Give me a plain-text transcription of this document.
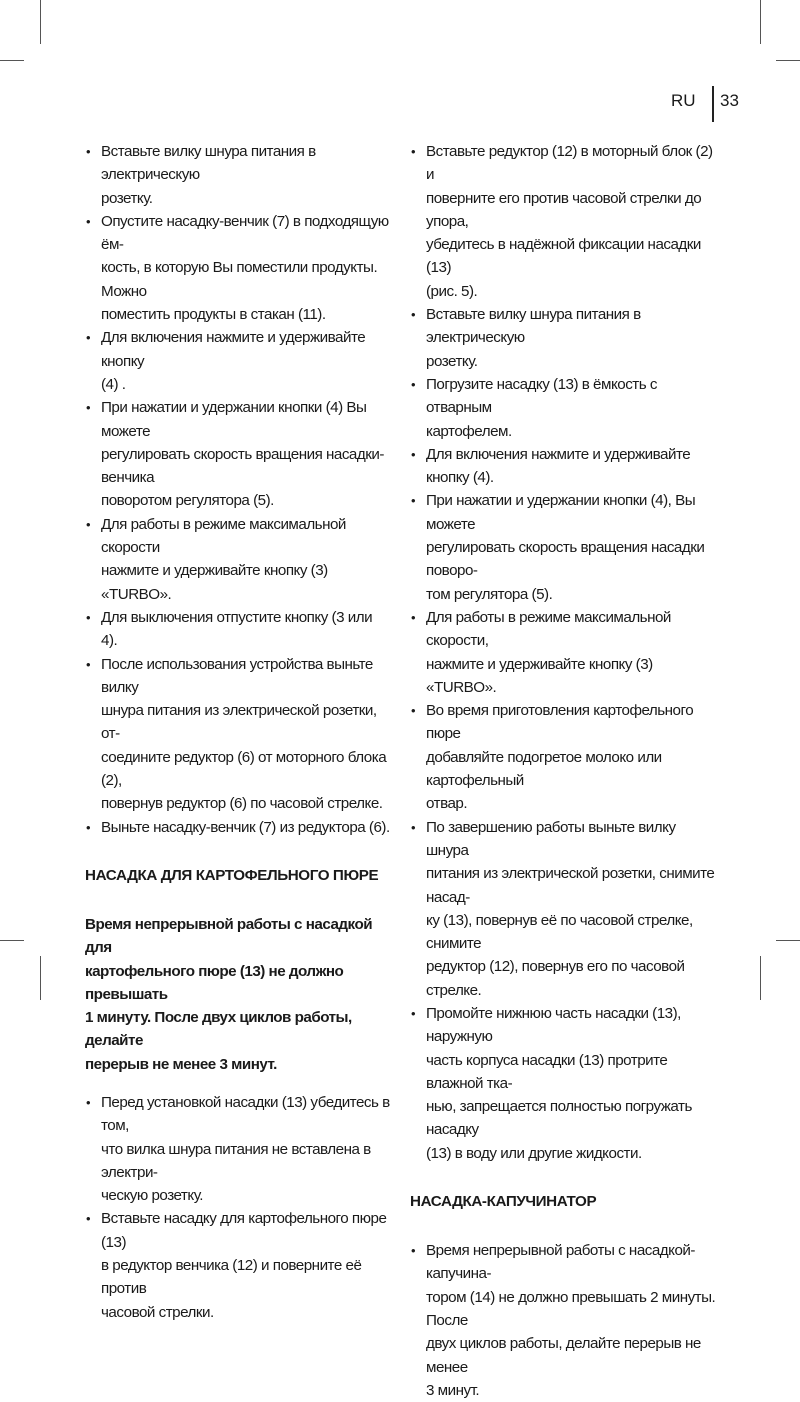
RU 33
• Вставьте вилку шнура питания в электрическую
розетку.
• Опустите насадку-венчик (7) в подходящую ём-
кость, в которую Вы поместили продукты. Можно
поместить продукты в стакан (11).
• Для включения нажмите и удерживайте кнопку
(4) .
• При нажатии и удержании кнопки (4) Вы можете
регулировать скорость вращения насадки-венчика
поворотом регулятора (5).
• Для работы в режиме максимальной скорости
нажмите и удерживайте кнопку (3) «TURBO».
• Для выключения отпустите кнопку (3 или 4).
• После использования устройства выньте вилку
шнура питания из электрической розетки, от-
соедините редуктор (6) от моторного блока (2),
повернув редуктор (6) по часовой стрелке.
• Выньте насадку-венчик (7) из редуктора (6).
НАСАДКА ДЛЯ КАРТОФЕЛЬНОГО ПЮРЕ
Время непрерывной работы с насадкой для
картофельного пюре (13) не должно превышать
1 минуту. После двух циклов работы, делайте
перерыв не менее 3 минут.
• Перед установкой насадки (13) убедитесь в том,
что вилка шнура питания не вставлена в электри-
ческую розетку.
• Вставьте насадку для картофельного пюре (13)
в редуктор венчика (12) и поверните её против
часовой стрелки.
• Вставьте редуктор (12) в моторный блок (2) и
поверните его против часовой стрелки до упора,
убедитесь в надёжной фиксации насадки (13)
(рис. 5).
• Вставьте вилку шнура питания в электрическую
розетку.
• Погрузите насадку (13) в ёмкость с отварным
картофелем.
• Для включения нажмите и удерживайте кнопку (4).
• При нажатии и удержании кнопки (4), Вы можете
регулировать скорость вращения насадки поворо-
том регулятора (5).
• Для работы в режиме максимальной скорости,
нажмите и удерживайте кнопку (3) «TURBO».
• Во время приготовления картофельного пюре
добавляйте подогретое молоко или картофельный
отвар.
• По завершению работы выньте вилку шнура
питания из электрической розетки, снимите насад-
ку (13), повернув её по часовой стрелке, снимите
редуктор (12), повернув его по часовой стрелке.
• Промойте нижнюю часть насадки (13), наружную
часть корпуса насадки (13) протрите влажной тка-
нью, запрещается полностью погружать насадку
(13) в воду или другие жидкости.
НАСАДКА-КАПУЧИНАТОР
• Время непрерывной работы с насадкой-капучина-
тором (14) не должно превышать 2 минуты. После
двух циклов работы, делайте перерыв не менее
3 минут.
